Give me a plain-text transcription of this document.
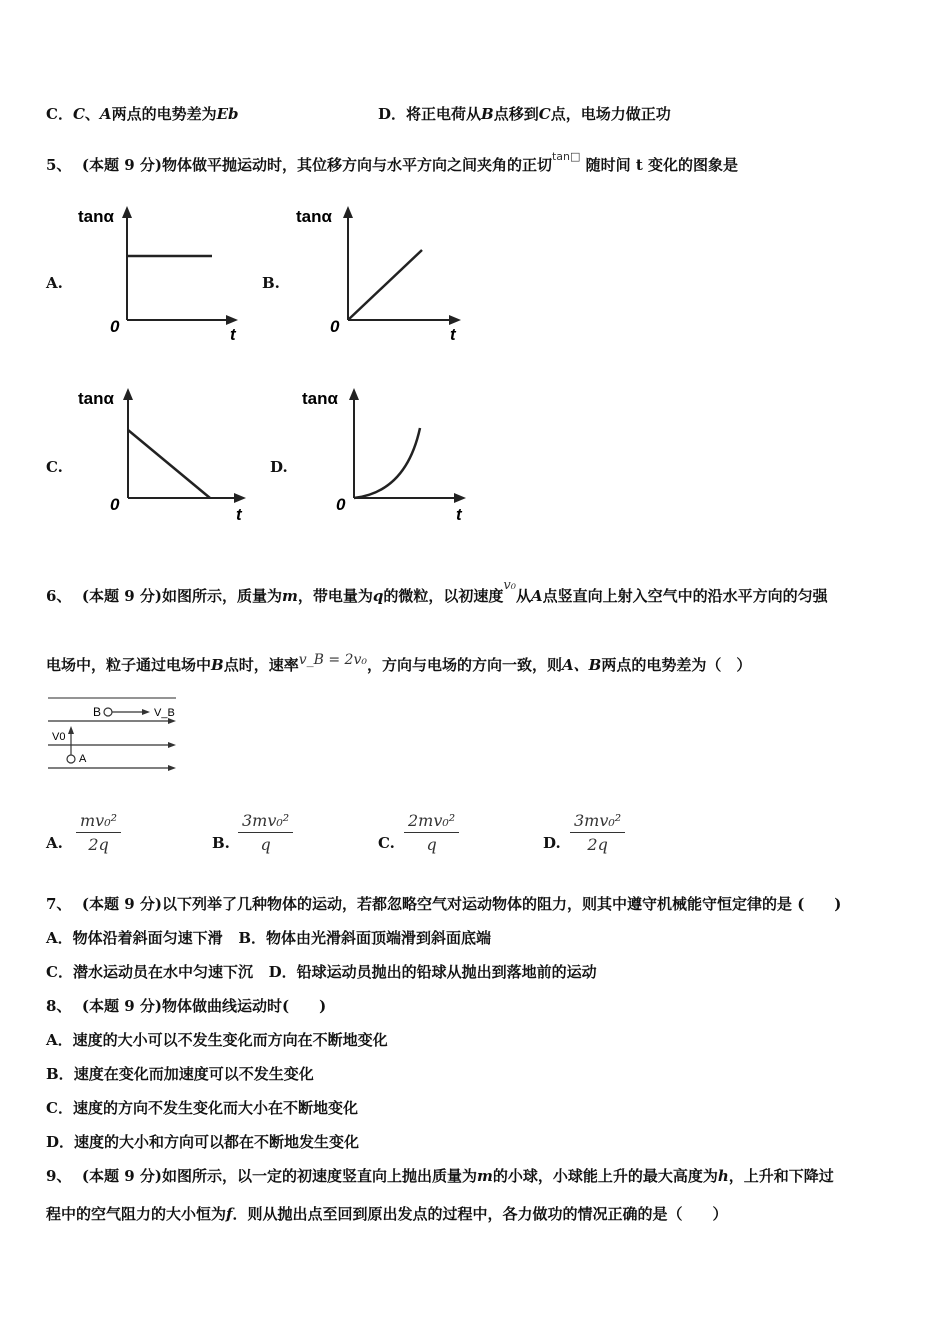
C．C、A两点的电势差为Eb	D．将正电荷从B点移到C点，电场力做正功
5、 (本题 9 分)物体做平抛运动时，其位移方向与水平方向之间夹角的正切$^{tan□}$ 随时间 t 变化的图象是
A.
tanα
0	t
B.
tanα
0	t
C.
tanα
0
t
D.
tanα
0
t
6、 (本题 9 分)如图所示，质量为m，带电量为q的微粒，以初速度v₀从A点竖直向上射入空气中的沿水平方向的匀强
电场中，粒子通过电场中B点时，速率v_B = 2v₀，方向与电场的方向一致，则A、B两点的电势差为（　）
B	V_B
V0
A
A. $\frac{\text{mv₀²}}{2q}$	B. $\frac{\text{3mv₀²}}{q}$	C. $\frac{\text{2mv₀²}}{q}$	D. $\frac{\text{3mv₀²}}{2q}$
7、 (本题 9 分)以下列举了几种物体的运动，若都忽略空气对运动物体的阻力，则其中遵守机械能守恒定律的是 (　　)
A．物体沿着斜面匀速下滑 B．物体由光滑斜面顶端滑到斜面底端
C．潜水运动员在水中匀速下沉 D．铅球运动员抛出的铅球从抛出到落地前的运动
8、 (本题 9 分)物体做曲线运动时(　　)
A．速度的大小可以不发生变化而方向在不断地变化
B．速度在变化而加速度可以不发生变化
C．速度的方向不发生变化而大小在不断地变化
D．速度的大小和方向可以都在不断地发生变化
9、 (本题 9 分)如图所示，以一定的初速度竖直向上抛出质量为m的小球，小球能上升的最大高度为h，上升和下降过
程中的空气阻力的大小恒为f．则从抛出点至回到原出发点的过程中，各力做功的情况正确的是（　　）
